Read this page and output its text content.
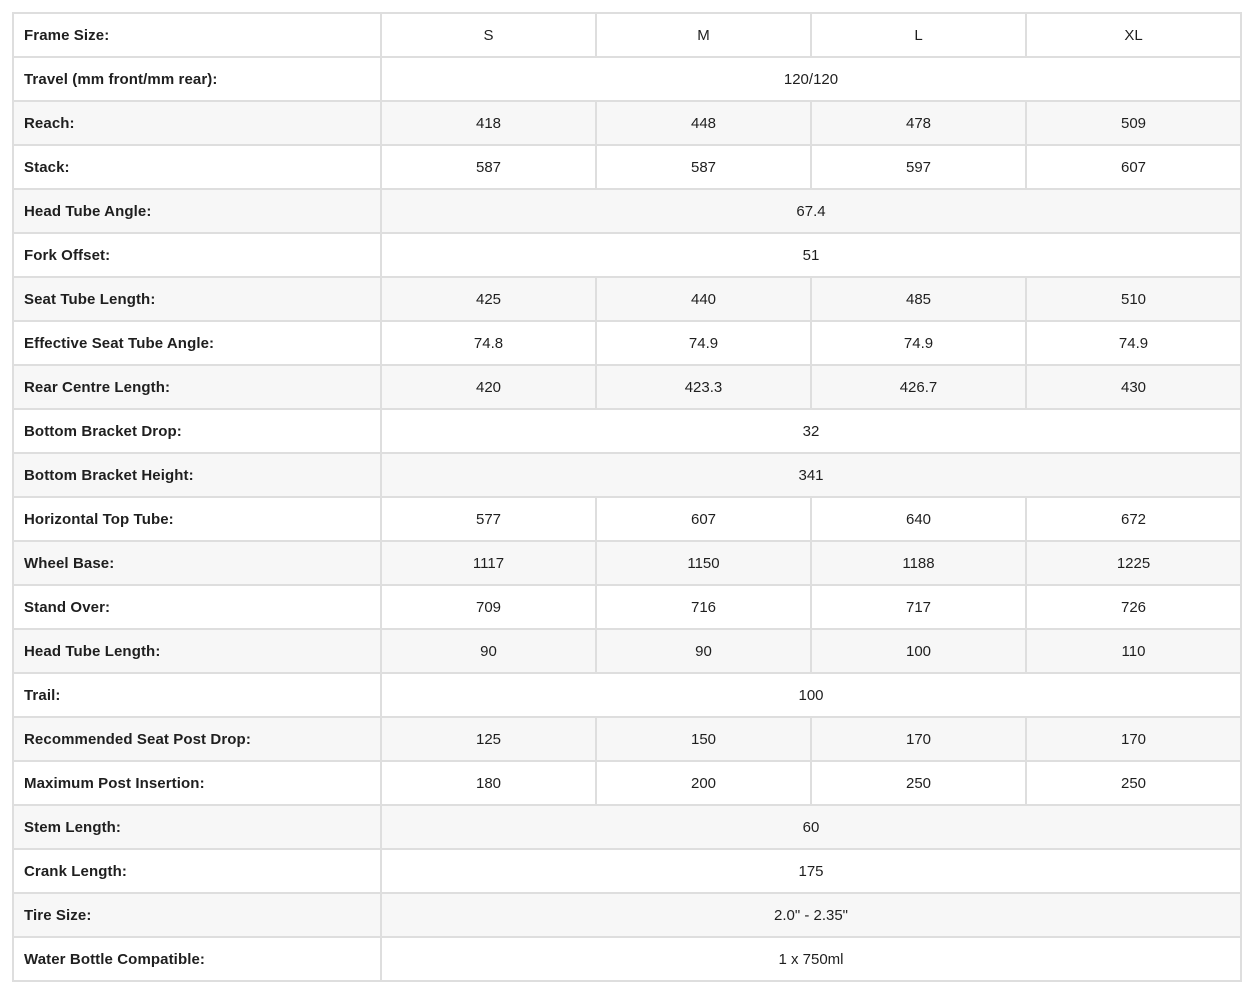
Frame Size:	S	M	L	XL
Travel (mm front/mm rear):	120/120			
Reach:	418	448	478	509
Stack:	587	587	597	607
Head Tube Angle:	67.4			
Fork Offset:	51			
Seat Tube Length:	425	440	485	510
Effective Seat Tube Angle:	74.8	74.9	74.9	74.9
Rear Centre Length:	420	423.3	426.7	430
Bottom Bracket Drop:	32			
Bottom Bracket Height:	341			
Horizontal Top Tube:	577	607	640	672
Wheel Base:	1117	1150	1188	1225
Stand Over:	709	716	717	726
Head Tube Length:	90	90	100	110
Trail:	100			
Recommended Seat Post Drop:	125	150	170	170
Maximum Post Insertion:	180	200	250	250
Stem Length:	60			
Crank Length:	175			
Tire Size:	2.0" - 2.35"			
Water Bottle Compatible:	1 x 750ml			
